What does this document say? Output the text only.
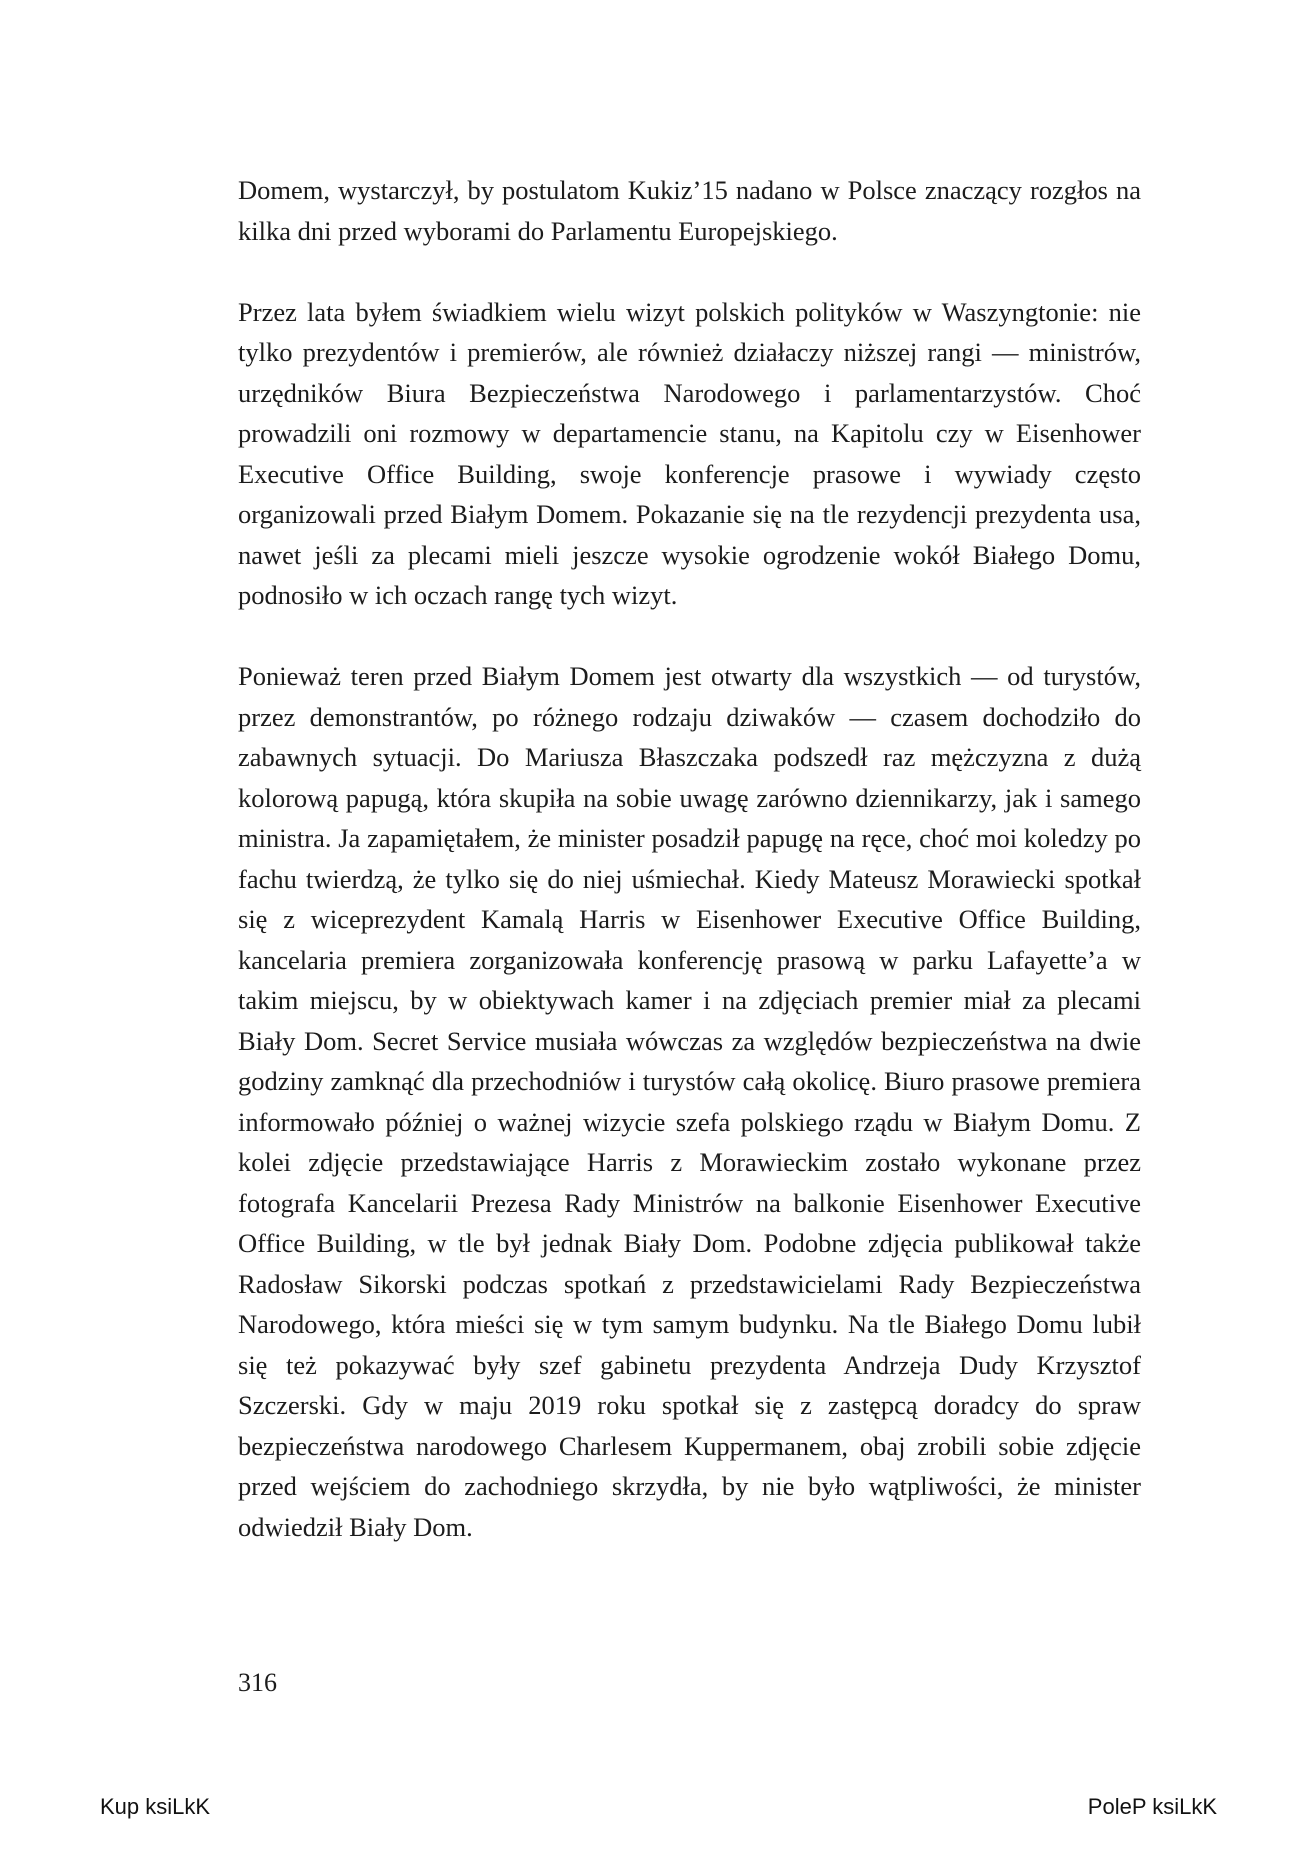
Domem, wystarczył, by postulatom Kukiz’15 nadano w Polsce znaczący rozgłos na kilka dni przed wyborami do Parlamentu Europejskiego.

Przez lata byłem świadkiem wielu wizyt polskich polityków w Waszyngtonie: nie tylko prezydentów i premierów, ale również działaczy niższej rangi — ministrów, urzędników Biura Bezpieczeństwa Narodowego i parlamentarzystów. Choć prowadzili oni rozmowy w departamencie stanu, na Kapitolu czy w Eisenhower Executive Office Building, swoje konferencje prasowe i wywiady często organizowali przed Białym Domem. Pokazanie się na tle rezydencji prezydenta usa, nawet jeśli za plecami mieli jeszcze wysokie ogrodzenie wokół Białego Domu, podnosiło w ich oczach rangę tych wizyt.

Ponieważ teren przed Białym Domem jest otwarty dla wszystkich — od turystów, przez demonstrantów, po różnego rodzaju dziwaków — czasem dochodziło do zabawnych sytuacji. Do Mariusza Błaszczaka podszedł raz mężczyzna z dużą kolorową papugą, która skupiła na sobie uwagę zarówno dziennikarzy, jak i samego ministra. Ja zapamiętałem, że minister posadził papugę na ręce, choć moi koledzy po fachu twierdzą, że tylko się do niej uśmiechał. Kiedy Mateusz Morawiecki spotkał się z wiceprezydent Kamalą Harris w Eisenhower Executive Office Building, kancelaria premiera zorganizowała konferencję prasową w parku Lafayette’a w takim miejscu, by w obiektywach kamer i na zdjęciach premier miał za plecami Biały Dom. Secret Service musiała wówczas za względów bezpieczeństwa na dwie godziny zamknąć dla przechodniów i turystów całą okolicę. Biuro prasowe premiera informowało później o ważnej wizycie szefa polskiego rządu w Białym Domu. Z kolei zdjęcie przedstawiające Harris z Morawieckim zostało wykonane przez fotografa Kancelarii Prezesa Rady Ministrów na balkonie Eisenhower Executive Office Building, w tle był jednak Biały Dom. Podobne zdjęcia publikował także Radosław Sikorski podczas spotkań z przedstawicielami Rady Bezpieczeństwa Narodowego, która mieści się w tym samym budynku. Na tle Białego Domu lubił się też pokazywać były szef gabinetu prezydenta Andrzeja Dudy Krzysztof Szczerski. Gdy w maju 2019 roku spotkał się z zastępcą doradcy do spraw bezpieczeństwa narodowego Charlesem Kuppermanem, obaj zrobili sobie zdjęcie przed wejściem do zachodniego skrzydła, by nie było wątpliwości, że minister odwiedził Biały Dom.

316
Kup ksiLkK	PoleP ksiLkK
